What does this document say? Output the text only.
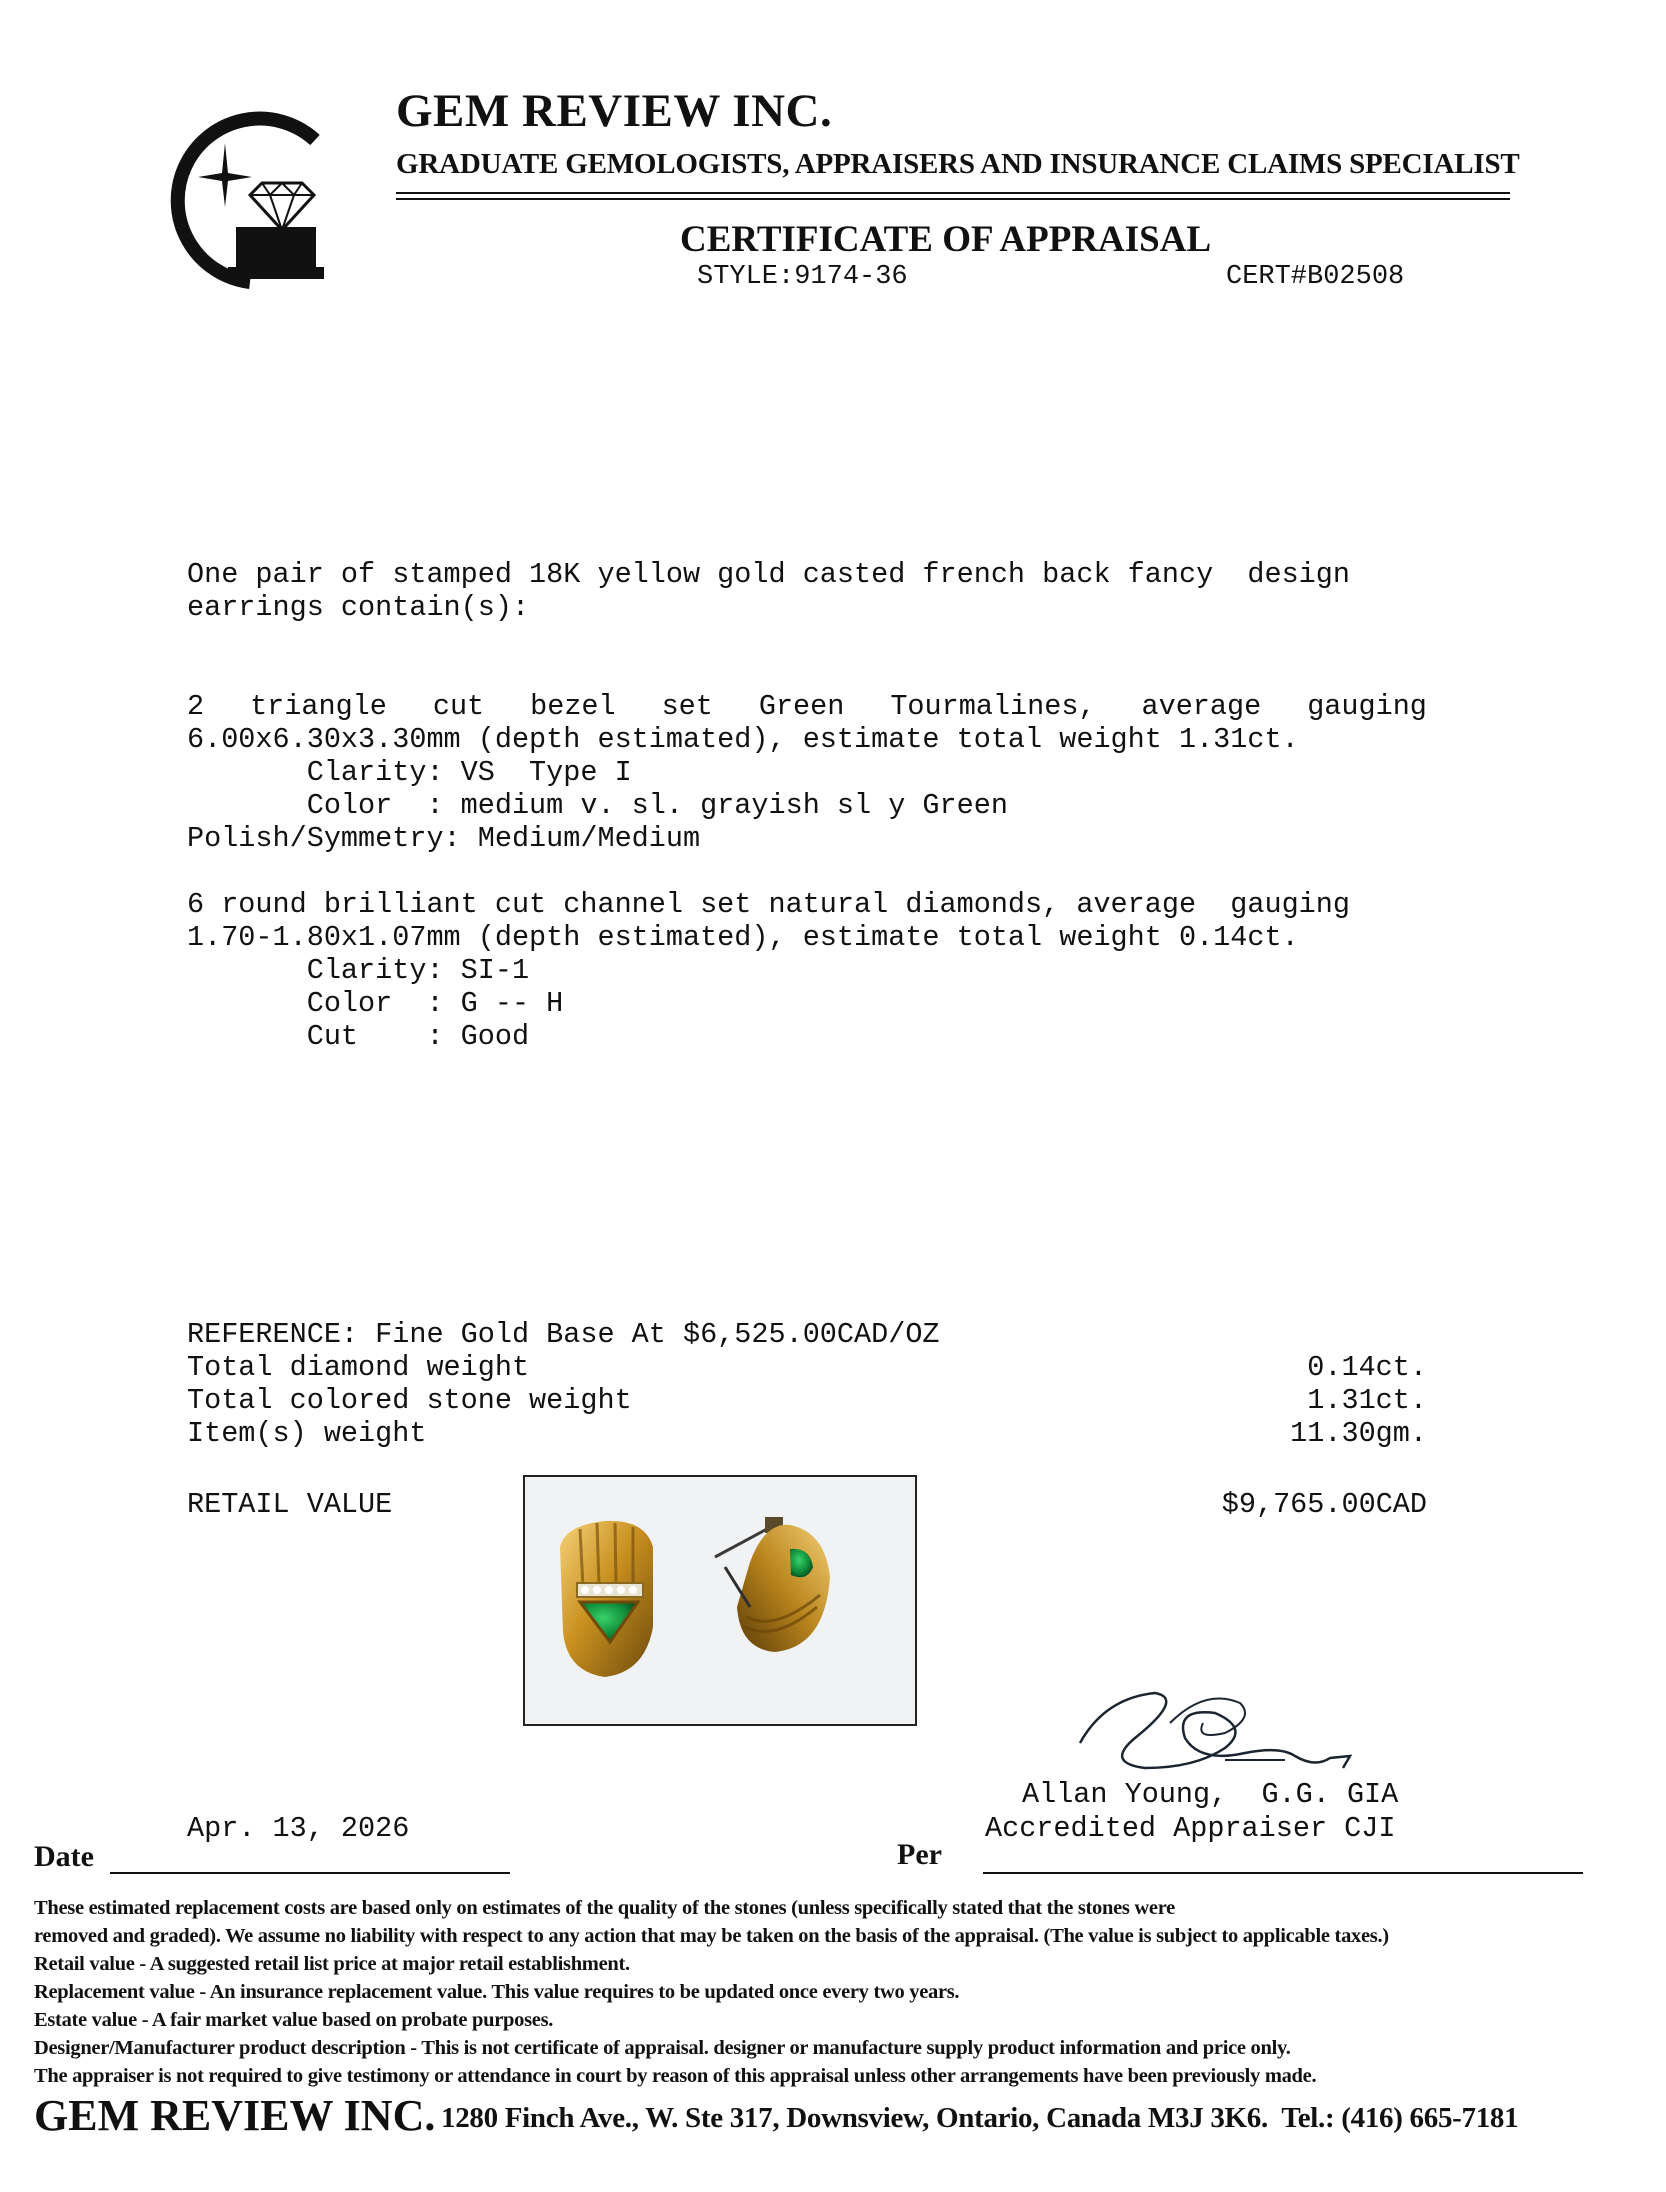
GEM REVIEW INC.
GRADUATE GEMOLOGISTS, APPRAISERS AND INSURANCE CLAIMS SPECIALIST
CERTIFICATE OF APPRAISAL
STYLE:9174-36	CERT#B02508
One pair of stamped 18K yellow gold casted french back fancy  design
earrings contain(s):
2 triangle cut bezel set Green Tourmalines, average gauging
6.00x6.30x3.30mm (depth estimated), estimate total weight 1.31ct.
Clarity: VS  Type I
Color  : medium v. sl. grayish sl y Green
Polish/Symmetry: Medium/Medium
6 round brilliant cut channel set natural diamonds, average  gauging
1.70-1.80x1.07mm (depth estimated), estimate total weight 0.14ct.
Clarity: SI-1
Color  : G -- H
Cut    : Good
REFERENCE: Fine Gold Base At $6,525.00CAD/OZ
Total diamond weight	0.14ct.
Total colored stone weight	1.31ct.
Item(s) weight	11.30gm.
RETAIL VALUE	$9,765.00CAD
Allan Young,  G.G. GIA
Accredited Appraiser CJI
Apr. 13, 2026
Date	Per
These estimated replacement costs are based only on estimates of the quality of the stones (unless specifically stated that the stones were
removed and graded). We assume no liability with respect to any action that may be taken on the basis of the appraisal. (The value is subject to applicable taxes.)
Retail value - A suggested retail list price at major retail establishment.
Replacement value - An insurance replacement value. This value requires to be updated once every two years.
Estate value - A fair market value based on probate purposes.
Designer/Manufacturer product description - This is not certificate of appraisal. designer or manufacture supply product information and price only.
The appraiser is not required to give testimony or attendance in court by reason of this appraisal unless other arrangements have been previously made.
GEM REVIEW INC. 1280 Finch Ave., W. Ste 317, Downsview, Ontario, Canada M3J 3K6.  Tel.: (416) 665-7181
